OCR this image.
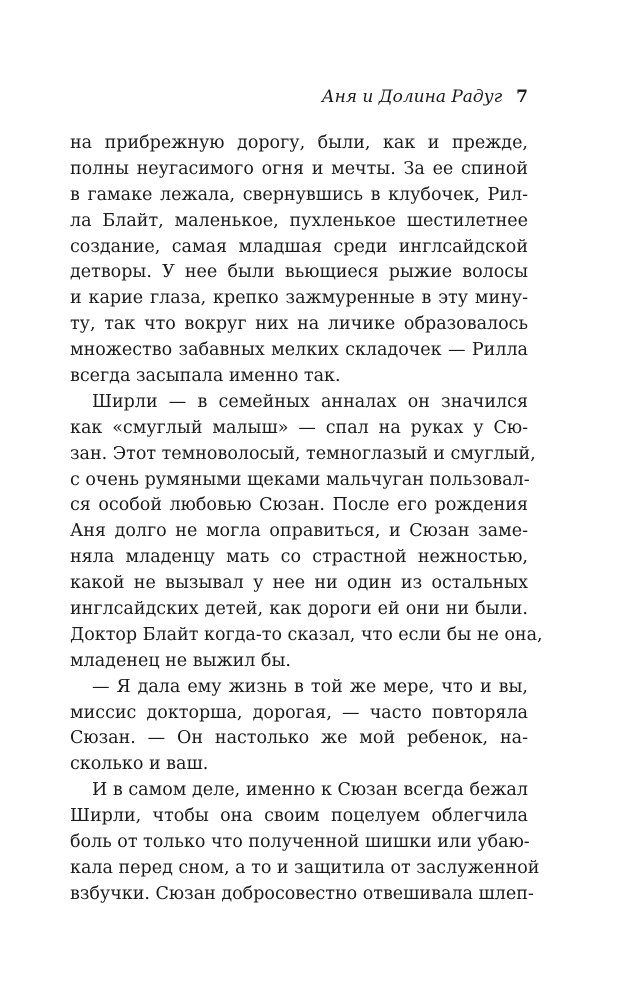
Аня и Долина Радуг 7
на прибрежную дорогу, были, как и прежде,
полны неугасимого огня и мечты. За ее спиной
в гамаке лежала, свернувшись в клубочек, Рил-
ла Блайт, маленькое, пухленькое шестилетнее
создание, самая младшая среди инглсайдской
детворы. У нее были вьющиеся рыжие волосы
и карие глаза, крепко зажмуренные в эту мину-
ту, так что вокруг них на личике образовалось
множество забавных мелких складочек — Рилла
всегда засыпала именно так.
Ширли — в семейных анналах он значился
как «смуглый малыш» — спал на руках у Сю-
зан. Этот темноволосый, темноглазый и смуглый,
с очень румяными щеками мальчуган пользовал-
ся особой любовью Сюзан. После его рождения
Аня долго не могла оправиться, и Сюзан заме-
няла младенцу мать со страстной нежностью,
какой не вызывал у нее ни один из остальных
инглсайдских детей, как дороги ей они ни были.
Доктор Блайт когда-то сказал, что если бы не она,
младенец не выжил бы.
— Я дала ему жизнь в той же мере, что и вы,
миссис докторша, дорогая, — часто повторяла
Сюзан. — Он настолько же мой ребенок, на-
сколько и ваш.
И в самом деле, именно к Сюзан всегда бежал
Ширли, чтобы она своим поцелуем облегчила
боль от только что полученной шишки или убаю-
кала перед сном, а то и защитила от заслуженной
взбучки. Сюзан добросовестно отвешивала шлеп-
